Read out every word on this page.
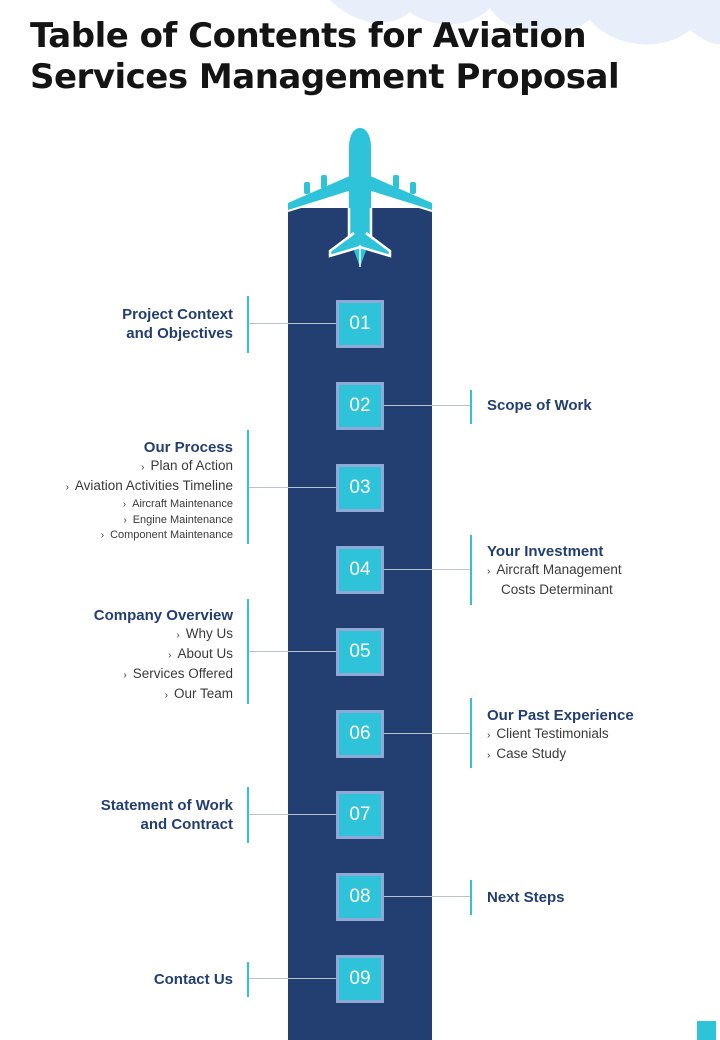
Table of Contents for Aviation Services Management Proposal
01
Project Context
and Objectives
02	Scope of Work
03
Our Process
› Plan of Action
› Aviation Activities Timeline
› Aircraft Maintenance
› Engine Maintenance
› Component Maintenance
04
Your Investment
› Aircraft Management
Costs Determinant
05
Company Overview
› Why Us
› About Us
› Services Offered
› Our Team
06
Our Past Experience
› Client Testimonials
› Case Study
07
Statement of Work
and Contract
08	Next Steps
09
Contact Us
